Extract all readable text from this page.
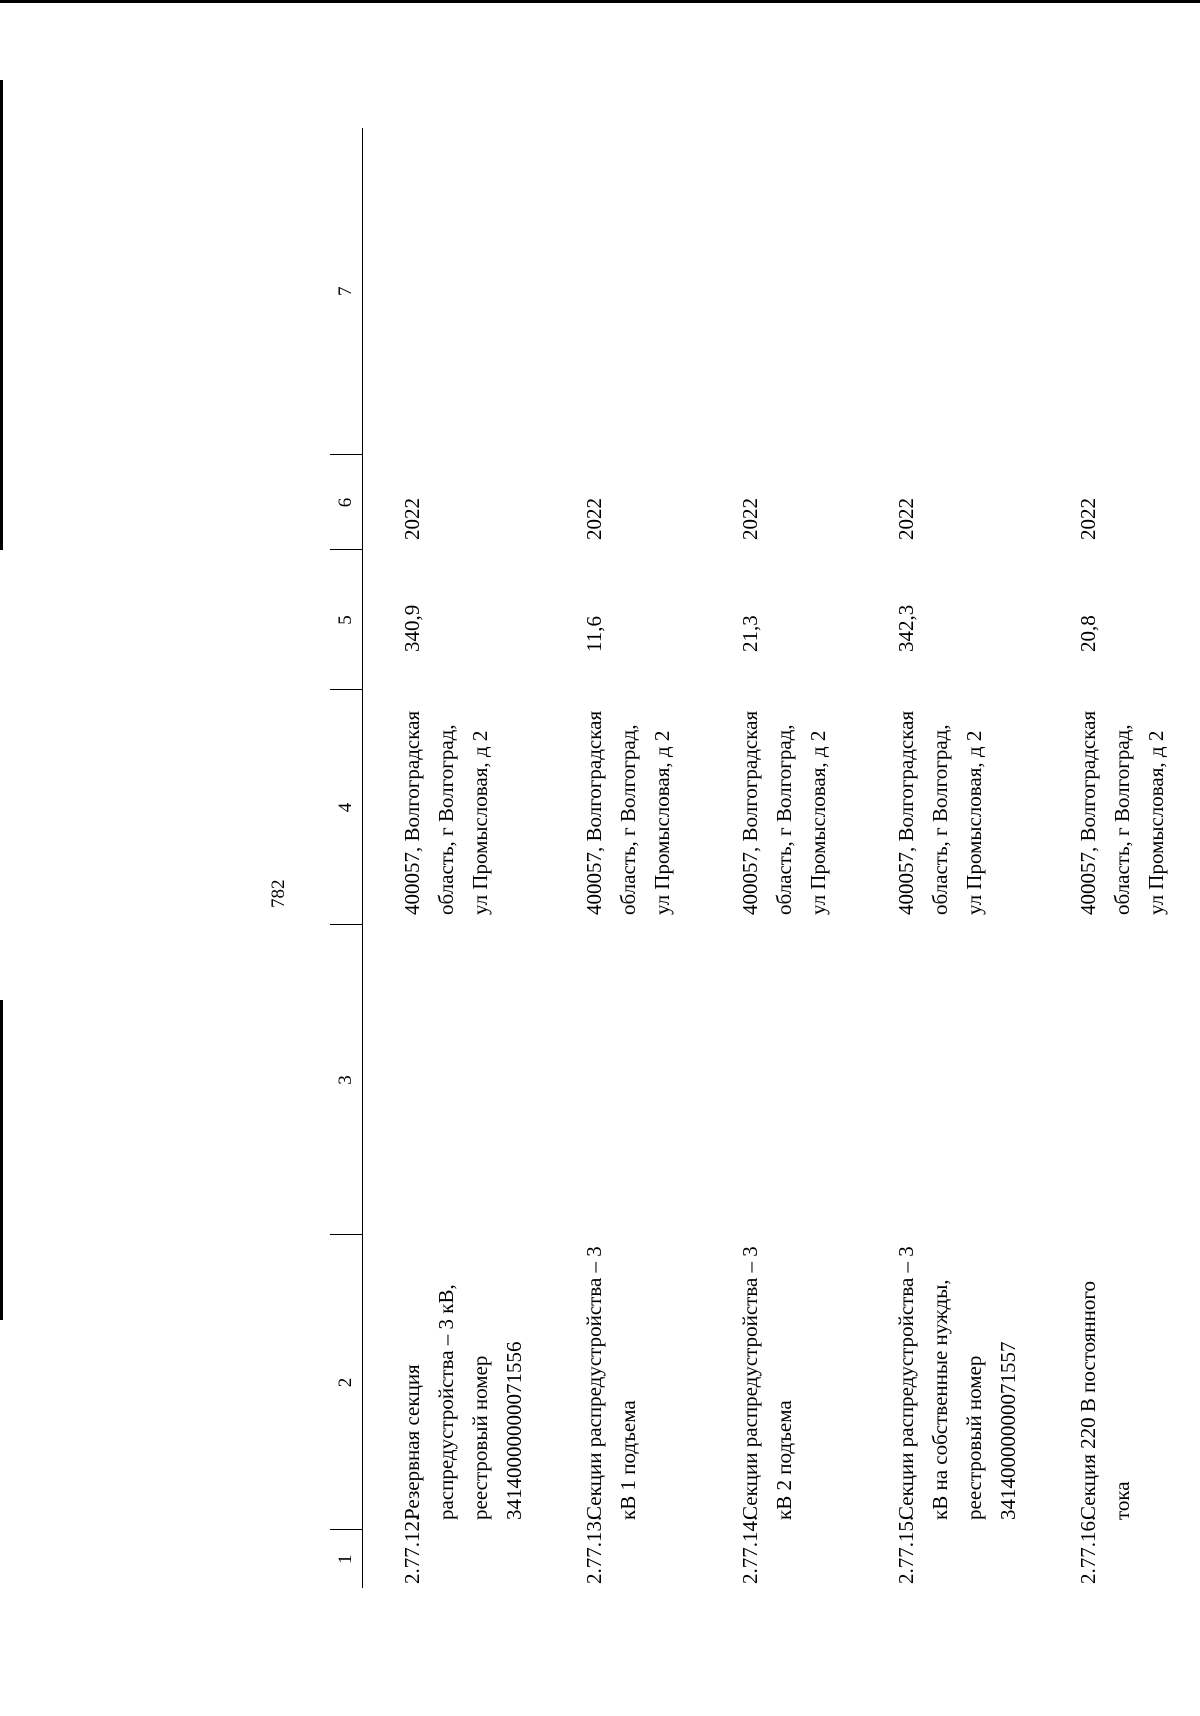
782
1	2	3	4	5	6	7
2.77.12.	Резервная секция распредустройства – 3 кВ, реестровый номер 34140000000071556		400057, Волгоградская область, г Волгоград, ул Промысловая, д 2	340,9	2022	
2.77.13.	Секции распредустройства – 3 кВ 1 подъема		400057, Волгоградская область, г Волгоград, ул Промысловая, д 2	11,6	2022	
2.77.14.	Секции распредустройства – 3 кВ 2 подъема		400057, Волгоградская область, г Волгоград, ул Промысловая, д 2	21,3	2022	
2.77.15.	Секции распредустройства – 3 кВ на собственные нужды, реестровый номер 34140000000071557		400057, Волгоградская область, г Волгоград, ул Промысловая, д 2	342,3	2022	
2.77.16.	Секция 220 В постоянного тока		400057, Волгоградская область, г Волгоград, ул Промысловая, д 2	20,8	2022	
